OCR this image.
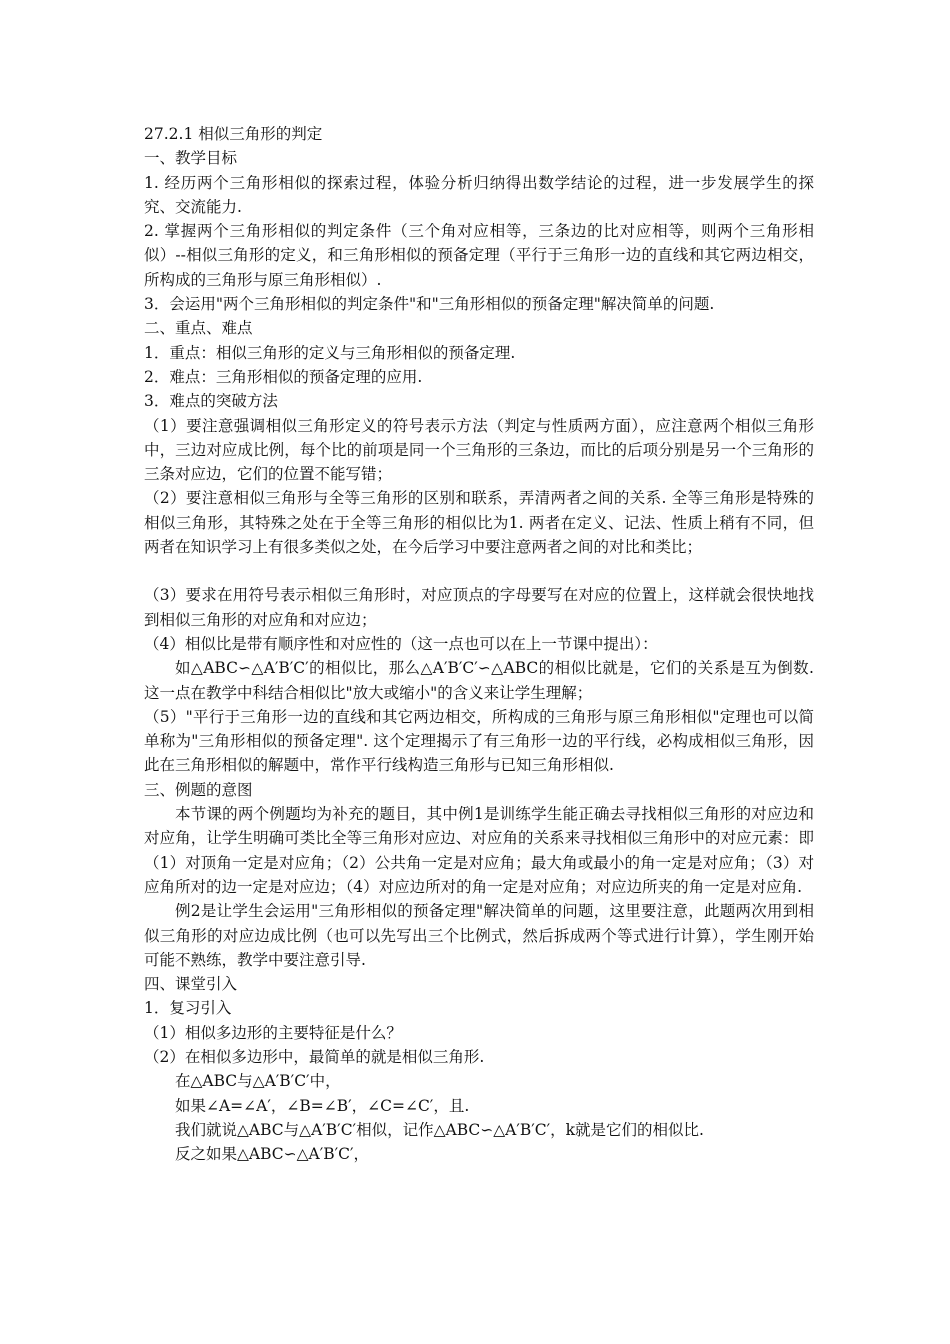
27.2.1 相似三角形的判定

一、教学目标

1. 经历两个三角形相似的探索过程，体验分析归纳得出数学结论的过程，进一步发展学生的探究、交流能力.

2. 掌握两个三角形相似的判定条件（三个角对应相等，三条边的比对应相等，则两个三角形相似）--相似三角形的定义，和三角形相似的预备定理（平行于三角形一边的直线和其它两边相交，所构成的三角形与原三角形相似）.

3．会运用"两个三角形相似的判定条件"和"三角形相似的预备定理"解决简单的问题.

二、重点、难点

1．重点：相似三角形的定义与三角形相似的预备定理.

2．难点：三角形相似的预备定理的应用.

3．难点的突破方法

（1）要注意强调相似三角形定义的符号表示方法（判定与性质两方面），应注意两个相似三角形中，三边对应成比例，每个比的前项是同一个三角形的三条边，而比的后项分别是另一个三角形的三条对应边，它们的位置不能写错；

（2）要注意相似三角形与全等三角形的区别和联系，弄清两者之间的关系. 全等三角形是特殊的相似三角形，其特殊之处在于全等三角形的相似比为1. 两者在定义、记法、性质上稍有不同，但两者在知识学习上有很多类似之处，在今后学习中要注意两者之间的对比和类比；

（3）要求在用符号表示相似三角形时，对应顶点的字母要写在对应的位置上，这样就会很快地找到相似三角形的对应角和对应边；

（4）相似比是带有顺序性和对应性的（这一点也可以在上一节课中提出）：

如△ABC∽△A′B′C′的相似比，那么△A′B′C′∽△ABC的相似比就是，它们的关系是互为倒数. 这一点在教学中科结合相似比"放大或缩小"的含义来让学生理解；

（5）"平行于三角形一边的直线和其它两边相交，所构成的三角形与原三角形相似"定理也可以简单称为"三角形相似的预备定理". 这个定理揭示了有三角形一边的平行线，必构成相似三角形，因此在三角形相似的解题中，常作平行线构造三角形与已知三角形相似.

三、例题的意图

本节课的两个例题均为补充的题目，其中例1是训练学生能正确去寻找相似三角形的对应边和对应角，让学生明确可类比全等三角形对应边、对应角的关系来寻找相似三角形中的对应元素：即（1）对顶角一定是对应角；（2）公共角一定是对应角；最大角或最小的角一定是对应角；（3）对应角所对的边一定是对应边；（4）对应边所对的角一定是对应角；对应边所夹的角一定是对应角.

例2是让学生会运用"三角形相似的预备定理"解决简单的问题，这里要注意，此题两次用到相似三角形的对应边成比例（也可以先写出三个比例式，然后拆成两个等式进行计算），学生刚开始可能不熟练，教学中要注意引导.

四、课堂引入

1．复习引入

（1）相似多边形的主要特征是什么？

（2）在相似多边形中，最简单的就是相似三角形.

在△ABC与△A′B′C′中，

如果∠A=∠A′，∠B=∠B′，∠C=∠C′，且.

我们就说△ABC与△A′B′C′相似，记作△ABC∽△A′B′C′，k就是它们的相似比.

反之如果△ABC∽△A′B′C′，
